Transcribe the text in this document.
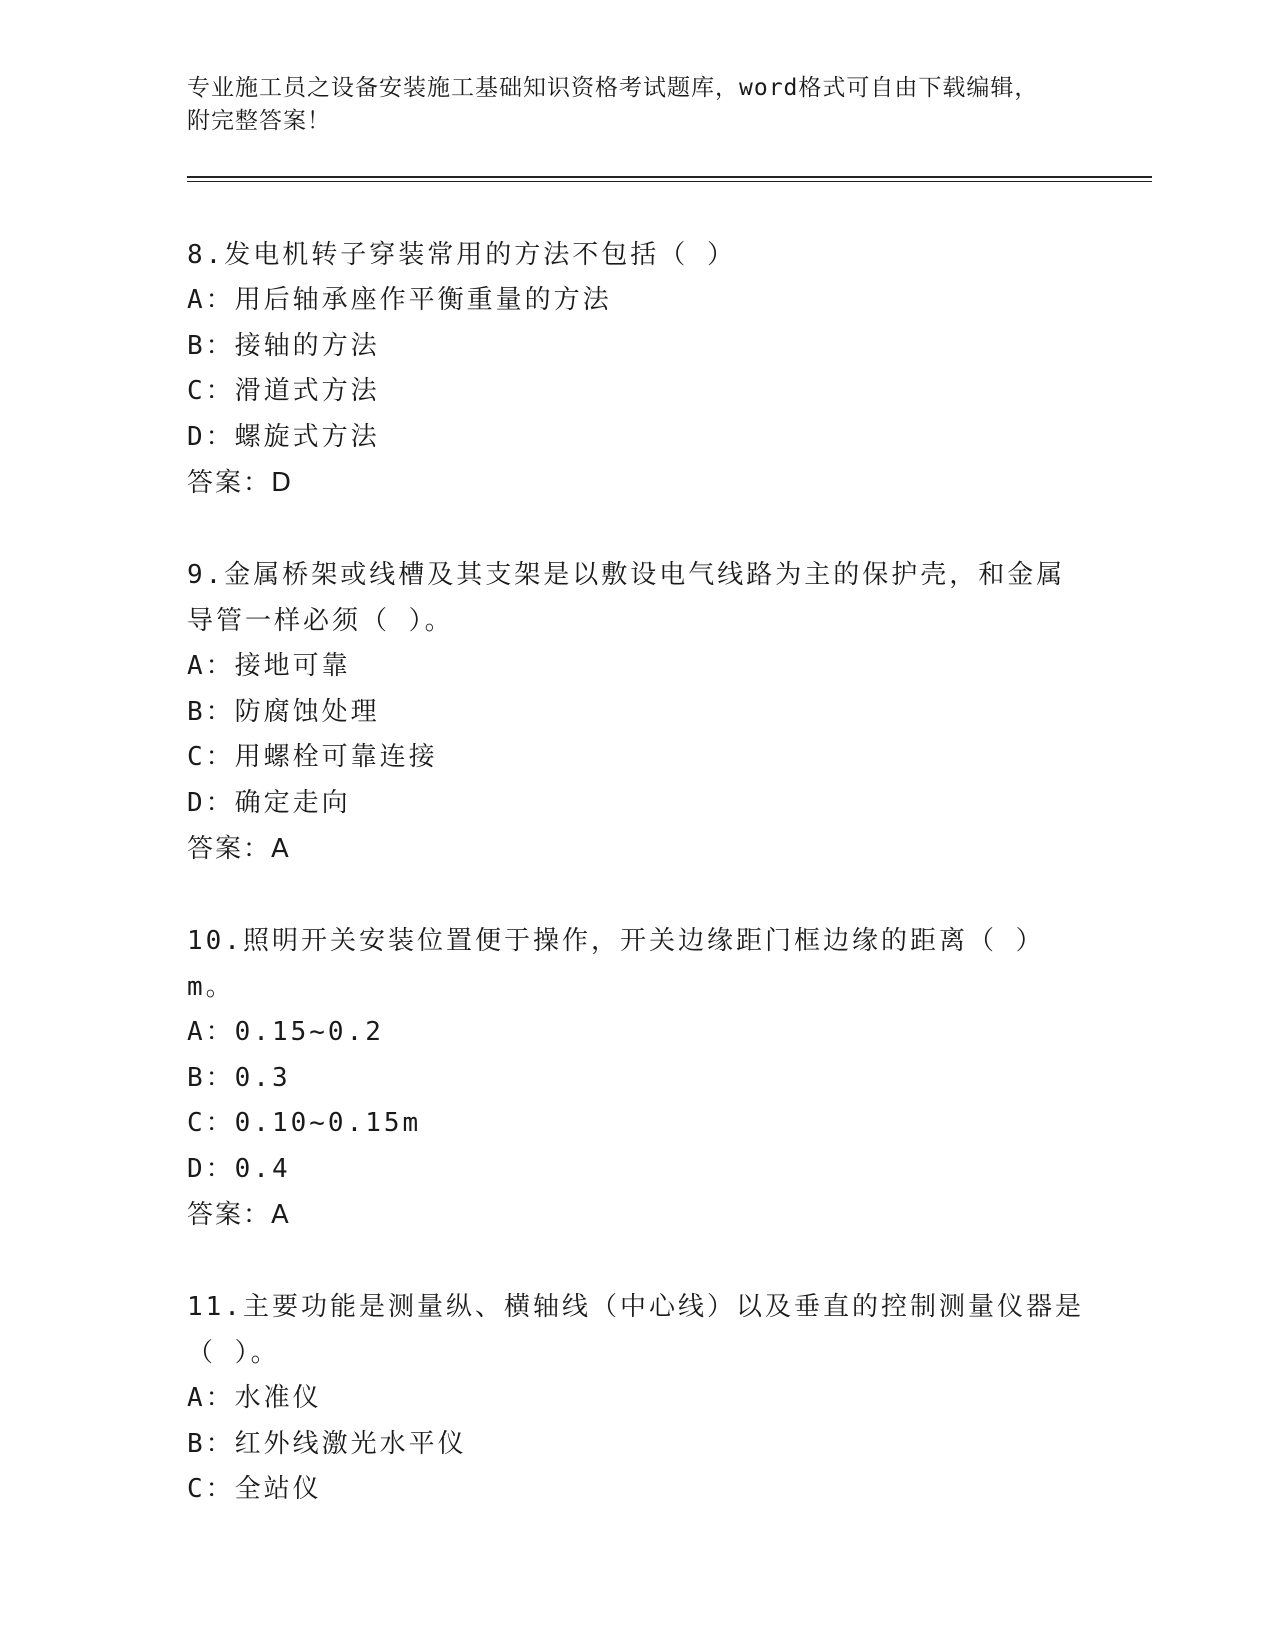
专业施工员之设备安装施工基础知识资格考试题库，word格式可自由下载编辑，
附完整答案！
8.发电机转子穿装常用的方法不包括（ ）
A：用后轴承座作平衡重量的方法
B：接轴的方法
C：滑道式方法
D：螺旋式方法
答案：D
9.金属桥架或线槽及其支架是以敷设电气线路为主的保护壳，和金属
导管一样必须（ ）。
A：接地可靠
B：防腐蚀处理
C：用螺栓可靠连接
D：确定走向
答案：A
10.照明开关安装位置便于操作，开关边缘距门框边缘的距离（ ）m。
A：0.15~0.2
B：0.3
C：0.10~0.15m
D：0.4
答案：A
11.主要功能是测量纵、横轴线（中心线）以及垂直的控制测量仪器是
（ ）。
A：水准仪
B：红外线激光水平仪
C：全站仪
